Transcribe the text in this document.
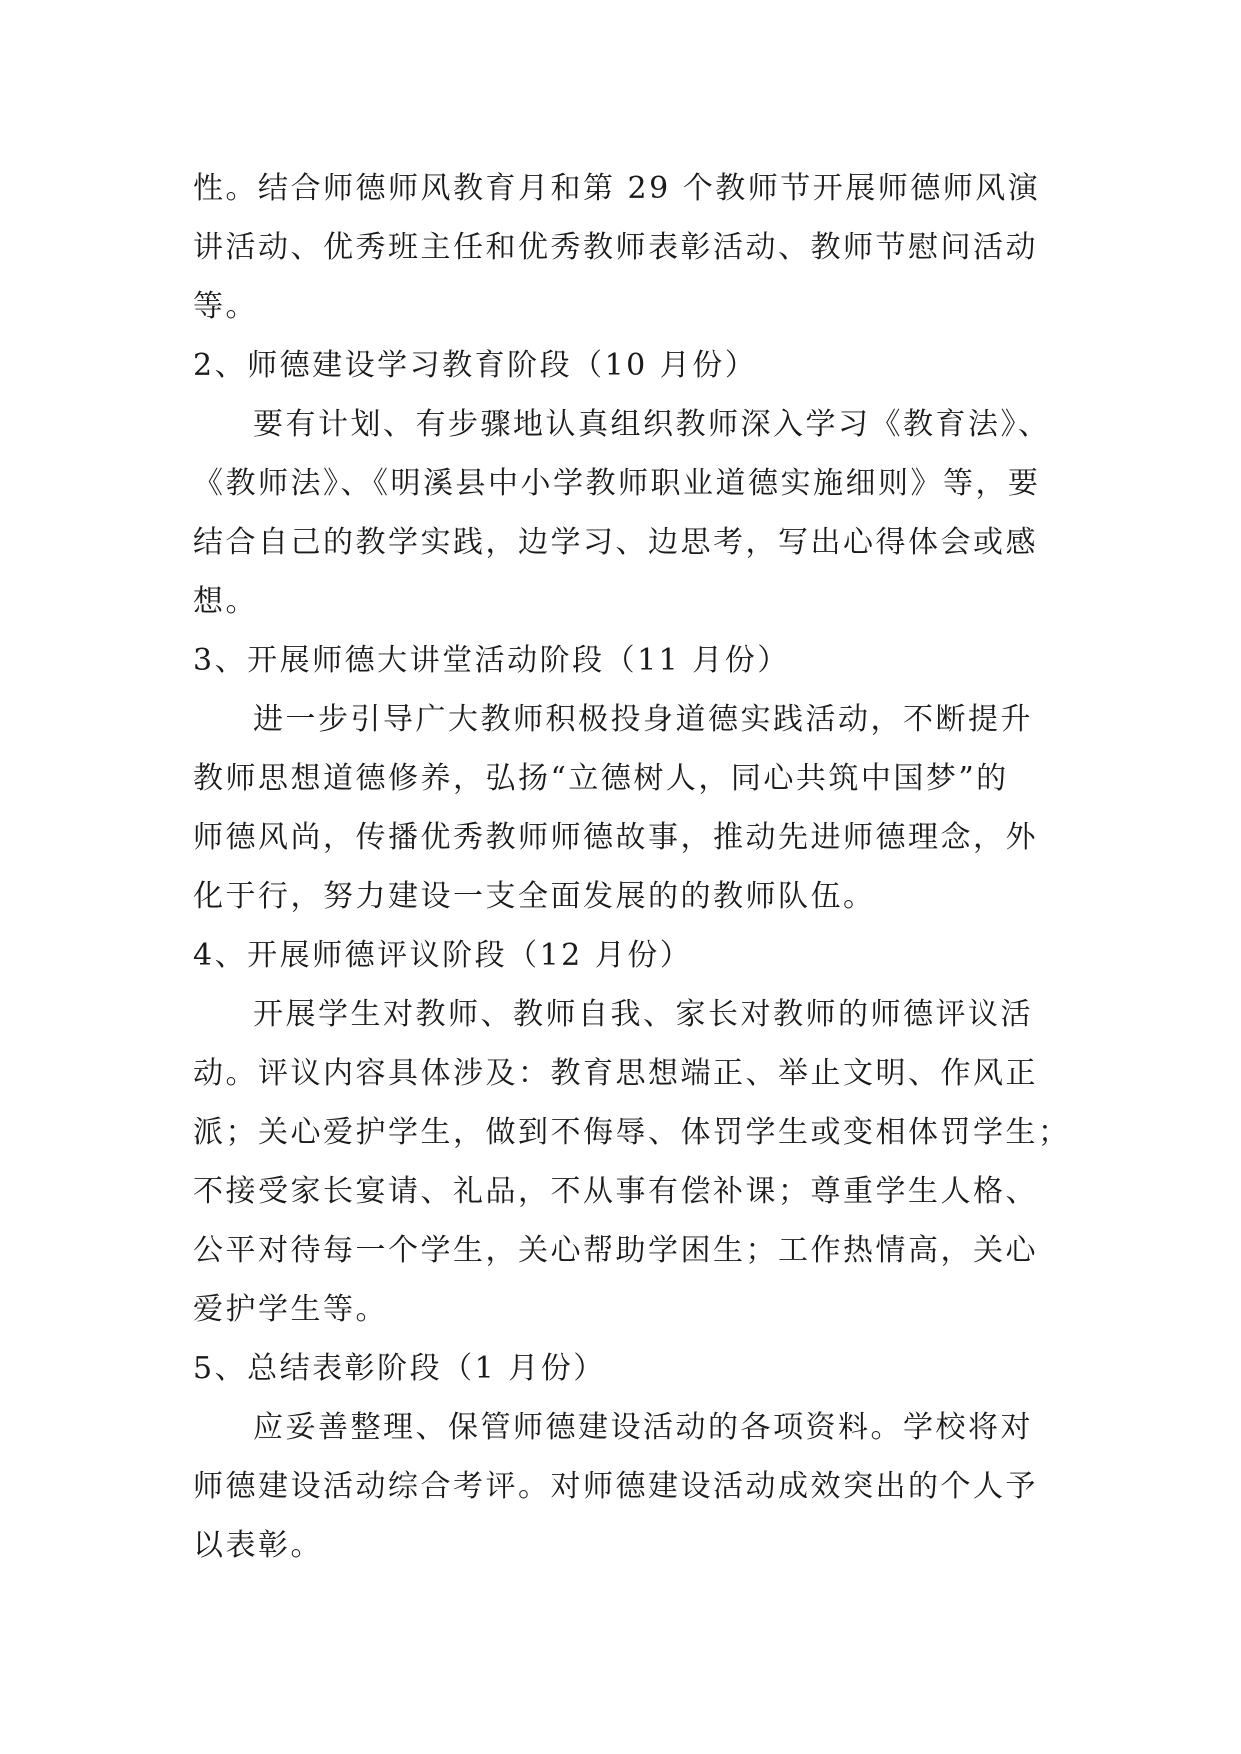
性。结合师德师风教育月和第 29 个教师节开展师德师风演
讲活动、优秀班主任和优秀教师表彰活动、教师节慰问活动
等。

2、师德建设学习教育阶段（10 月份）

要有计划、有步骤地认真组织教师深入学习《教育法》、
《教师法》、《明溪县中小学教师职业道德实施细则》等，要
结合自己的教学实践，边学习、边思考，写出心得体会或感
想。

3、开展师德大讲堂活动阶段（11 月份）

进一步引导广大教师积极投身道德实践活动，不断提升
教师思想道德修养，弘扬“立德树人，同心共筑中国梦”的
师德风尚，传播优秀教师师德故事，推动先进师德理念，外
化于行，努力建设一支全面发展的的教师队伍。

4、开展师德评议阶段（12 月份）

开展学生对教师、教师自我、家长对教师的师德评议活
动。评议内容具体涉及：教育思想端正、举止文明、作风正
派；关心爱护学生，做到不侮辱、体罚学生或变相体罚学生；
不接受家长宴请、礼品，不从事有偿补课；尊重学生人格、
公平对待每一个学生，关心帮助学困生；工作热情高，关心
爱护学生等。

5、总结表彰阶段（1 月份）

应妥善整理、保管师德建设活动的各项资料。学校将对
师德建设活动综合考评。对师德建设活动成效突出的个人予
以表彰。
